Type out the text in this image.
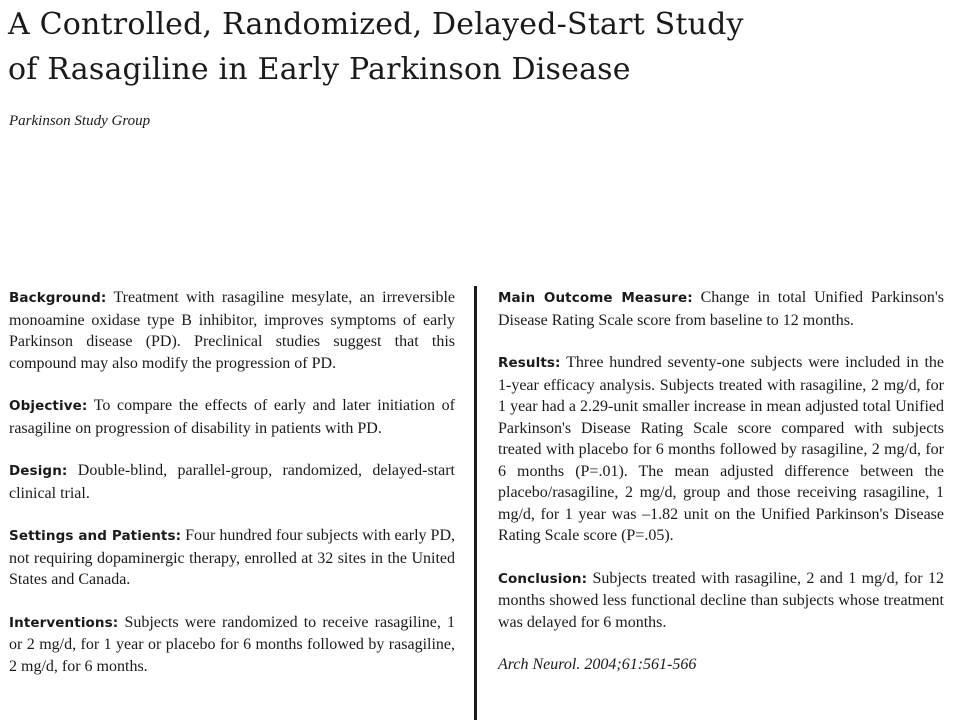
A Controlled, Randomized, Delayed-Start Study
of Rasagiline in Early Parkinson Disease

Parkinson Study Group

Background: Treatment with rasagiline mesylate, an irreversible monoamine oxidase type B inhibitor, improves symptoms of early Parkinson disease (PD). Preclinical studies suggest that this compound may also modify the progression of PD.

Objective: To compare the effects of early and later initiation of rasagiline on progression of disability in patients with PD.

Design: Double-blind, parallel-group, randomized, delayed-start clinical trial.

Settings and Patients: Four hundred four subjects with early PD, not requiring dopaminergic therapy, enrolled at 32 sites in the United States and Canada.

Interventions: Subjects were randomized to receive rasagiline, 1 or 2 mg/d, for 1 year or placebo for 6 months followed by rasagiline, 2 mg/d, for 6 months.

Main Outcome Measure: Change in total Unified Parkinson's Disease Rating Scale score from baseline to 12 months.

Results: Three hundred seventy-one subjects were included in the 1-year efficacy analysis. Subjects treated with rasagiline, 2 mg/d, for 1 year had a 2.29-unit smaller increase in mean adjusted total Unified Parkinson's Disease Rating Scale score compared with subjects treated with placebo for 6 months followed by rasagiline, 2 mg/d, for 6 months (P=.01). The mean adjusted difference between the placebo/rasagiline, 2 mg/d, group and those receiving rasagiline, 1 mg/d, for 1 year was –1.82 unit on the Unified Parkinson's Disease Rating Scale score (P=.05).

Conclusion: Subjects treated with rasagiline, 2 and 1 mg/d, for 12 months showed less functional decline than subjects whose treatment was delayed for 6 months.

Arch Neurol. 2004;61:561-566
